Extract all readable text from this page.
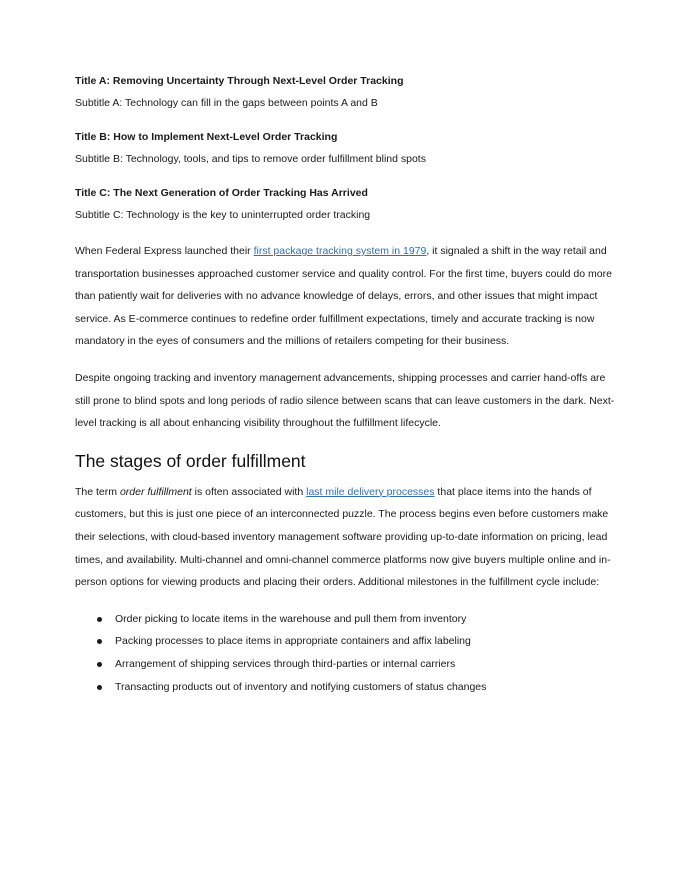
Title A: Removing Uncertainty Through Next-Level Order Tracking

Subtitle A: Technology can fill in the gaps between points A and B

Title B: How to Implement Next-Level Order Tracking

Subtitle B: Technology, tools, and tips to remove order fulfillment blind spots

Title C: The Next Generation of Order Tracking Has Arrived

Subtitle C: Technology is the key to uninterrupted order tracking

When Federal Express launched their first package tracking system in 1979, it signaled a shift in the way retail and transportation businesses approached customer service and quality control. For the first time, buyers could do more than patiently wait for deliveries with no advance knowledge of delays, errors, and other issues that might impact service. As E-commerce continues to redefine order fulfillment expectations, timely and accurate tracking is now mandatory in the eyes of consumers and the millions of retailers competing for their business.

Despite ongoing tracking and inventory management advancements, shipping processes and carrier hand-offs are still prone to blind spots and long periods of radio silence between scans that can leave customers in the dark. Next-level tracking is all about enhancing visibility throughout the fulfillment lifecycle.

The stages of order fulfillment

The term order fulfillment is often associated with last mile delivery processes that place items into the hands of customers, but this is just one piece of an interconnected puzzle. The process begins even before customers make their selections, with cloud-based inventory management software providing up-to-date information on pricing, lead times, and availability. Multi-channel and omni-channel commerce platforms now give buyers multiple online and in-person options for viewing products and placing their orders. Additional milestones in the fulfillment cycle include:

Order picking to locate items in the warehouse and pull them from inventory
Packing processes to place items in appropriate containers and affix labeling
Arrangement of shipping services through third-parties or internal carriers
Transacting products out of inventory and notifying customers of status changes
